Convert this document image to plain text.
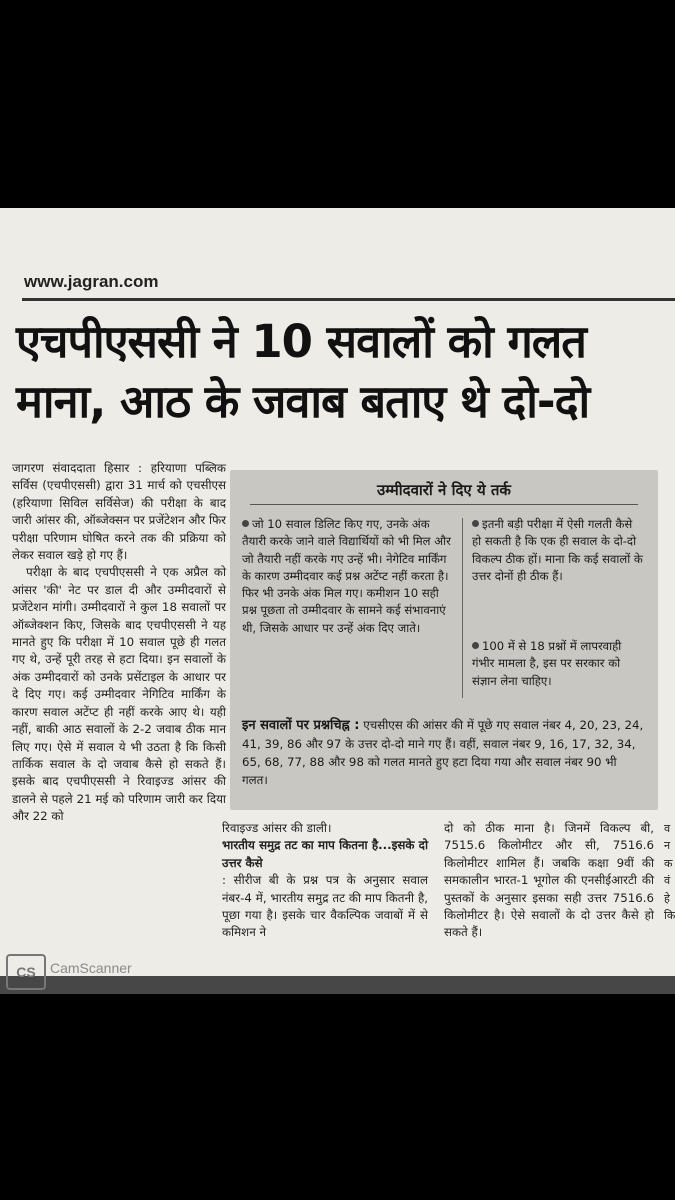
www.jagran.com
एचपीएससी ने 10 सवालों को गलत
माना, आठ के जवाब बताए थे दो-दो

जागरण संवाददाता हिसार : हरियाणा पब्लिक सर्विस (एचपीएससी) द्वारा 31 मार्च को एचसीएस (हरियाणा सिविल सर्विसेज) की परीक्षा के बाद जारी आंसर की, ऑब्जेक्सन पर प्रजेंटेशन और फिर परीक्षा परिणाम घोषित करने तक की प्रक्रिया को लेकर सवाल खड़े हो गए हैं।

परीक्षा के बाद एचपीएससी ने एक अप्रैल को आंसर 'की' नेट पर डाल दी और उम्मीदवारों से प्रजेंटेशन मांगी। उम्मीदवारों ने कुल 18 सवालों पर ऑब्जेक्शन किए, जिसके बाद एचपीएससी ने यह मानते हुए कि परीक्षा में 10 सवाल पूछे ही गलत गए थे, उन्हें पूरी तरह से हटा दिया। इन सवालों के अंक उम्मीदवारों को उनके प्रसेंटाइल के आधार पर दे दिए गए। कई उम्मीदवार नेगिटिव मार्किंग के कारण सवाल अटेंप्ट ही नहीं करके आए थे। यही नहीं, बाकी आठ सवालों के 2-2 जवाब ठीक मान लिए गए। ऐसे में सवाल ये भी उठता है कि किसी तार्किक सवाल के दो जवाब कैसे हो सकते हैं। इसके बाद एचपीएससी ने रिवाइज्ड आंसर की डालने से पहले 21 मई को परिणाम जारी कर दिया और 22 को

उम्मीदवारों ने दिए ये तर्क
जो 10 सवाल डिलिट किए गए, उनके अंक तैयारी करके जाने वाले विद्यार्थियों को भी मिल और जो तैयारी नहीं करके गए उन्हें भी। नेगेटिव मार्किंग के कारण उम्मीदवार कई प्रश्न अटेंप्ट नहीं करता है। फिर भी उनके अंक मिल गए। कमीशन 10 सही प्रश्न पूछता तो उम्मीदवार के सामने कई संभावनाएं थी, जिसके आधार पर उन्हें अंक दिए जाते।
इतनी बड़ी परीक्षा में ऐसी गलती कैसे हो सकती है कि एक ही सवाल के दो-दो विकल्प ठीक हों। माना कि कई सवालों के उत्तर दोनों ही ठीक हैं।
100 में से 18 प्रश्नों में लापरवाही गंभीर मामला है, इस पर सरकार को संज्ञान लेना चाहिए।
इन सवालों पर प्रश्नचिह्न : एचसीएस की आंसर की में पूछे गए सवाल नंबर 4, 20, 23, 24, 41, 39, 86 और 97 के उत्तर दो-दो माने गए हैं। वहीं, सवाल नंबर 9, 16, 17, 32, 34, 65, 68, 77, 88 और 98 को गलत मानते हुए हटा दिया गया और सवाल नंबर 90 भी गलत।
रिवाइज्ड आंसर की डाली।
भारतीय समुद्र तट का माप कितना है...इसके दो उत्तर कैसे
: सीरीज बी के प्रश्न पत्र के अनुसार सवाल नंबर-4 में, भारतीय समुद्र तट की माप कितनी है, पूछा गया है। इसके चार वैकल्पिक जवाबों में से कमिशन ने
दो को ठीक माना है। जिनमें विकल्प बी, 7515.6 किलोमीटर और सी, 7516.6 किलोमीटर शामिल हैं। जबकि कक्षा 9वीं की समकालीन भारत-1 भूगोल की एनसीईआरटी की पुस्तकों के अनुसार इसका सही उत्तर 7516.6 किलोमीटर है। ऐसे सवालों के दो उत्तर कैसे हो सकते हैं।
व न क वं हे कि
CS	CamScanner
